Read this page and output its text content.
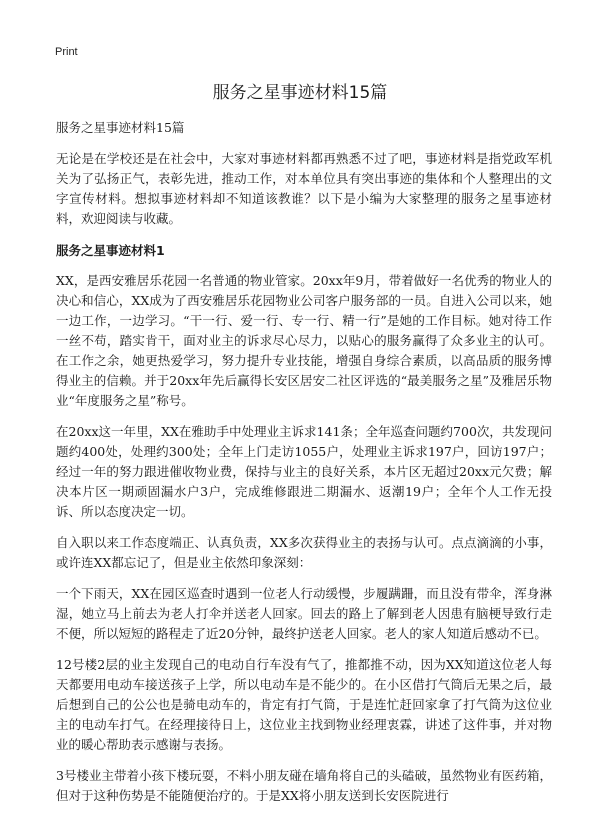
Print
服务之星事迹材料15篇
服务之星事迹材料15篇

无论是在学校还是在社会中，大家对事迹材料都再熟悉不过了吧，事迹材料是指党政军机关为了弘扬正气，表彰先进，推动工作，对本单位具有突出事迹的集体和个人整理出的文字宣传材料。想拟事迹材料却不知道该教谁？以下是小编为大家整理的服务之星事迹材料，欢迎阅读与收藏。

服务之星事迹材料1

XX，是西安雅居乐花园一名普通的物业管家。20xx年9月，带着做好一名优秀的物业人的决心和信心，XX成为了西安雅居乐花园物业公司客户服务部的一员。自进入公司以来，她一边工作，一边学习。“干一行、爱一行、专一行、精一行”是她的工作目标。她对待工作一丝不苟，踏实肯干，面对业主的诉求尽心尽力，以贴心的服务赢得了众多业主的认可。在工作之余，她更热爱学习，努力提升专业技能，增强自身综合素质，以高品质的服务博得业主的信赖。并于20xx年先后赢得长安区居安二社区评选的“最美服务之星”及雅居乐物业“年度服务之星”称号。

在20xx这一年里，XX在雅助手中处理业主诉求141条；全年巡查问题约700次，共发现问题约400处，处理约300处；全年上门走访1055户，处理业主诉求197户，回访197户；经过一年的努力跟进催收物业费，保持与业主的良好关系，本片区无超过20xx元欠费；解决本片区一期顽固漏水户3户，完成维修跟进二期漏水、返潮19户；全年个人工作无投诉、所以态度决定一切。

自入职以来工作态度端正、认真负责，XX多次获得业主的表扬与认可。点点滴滴的小事，或许连XX都忘记了，但是业主依然印象深刻：

一个下雨天，XX在园区巡查时遇到一位老人行动缓慢，步履蹒跚，而且没有带伞，浑身淋湿，她立马上前去为老人打伞并送老人回家。回去的路上了解到老人因患有脑梗导致行走不便，所以短短的路程走了近20分钟，最终护送老人回家。老人的家人知道后感动不已。

12号楼2层的业主发现自己的电动自行车没有气了，推都推不动，因为XX知道这位老人每天都要用电动车接送孩子上学，所以电动车是不能少的。在小区借打气筒后无果之后，最后想到自己的公公也是骑电动车的，肯定有打气筒，于是连忙赶回家拿了打气筒为这位业主的电动车打气。在经理接待日上，这位业主找到物业经理衷霖，讲述了这件事，并对物业的暖心帮助表示感谢与表扬。

3号楼业主带着小孩下楼玩耍，不料小朋友碰在墙角将自己的头磕破，虽然物业有医药箱，但对于这种伤势是不能随便治疗的。于是XX将小朋友送到长安医院进行
